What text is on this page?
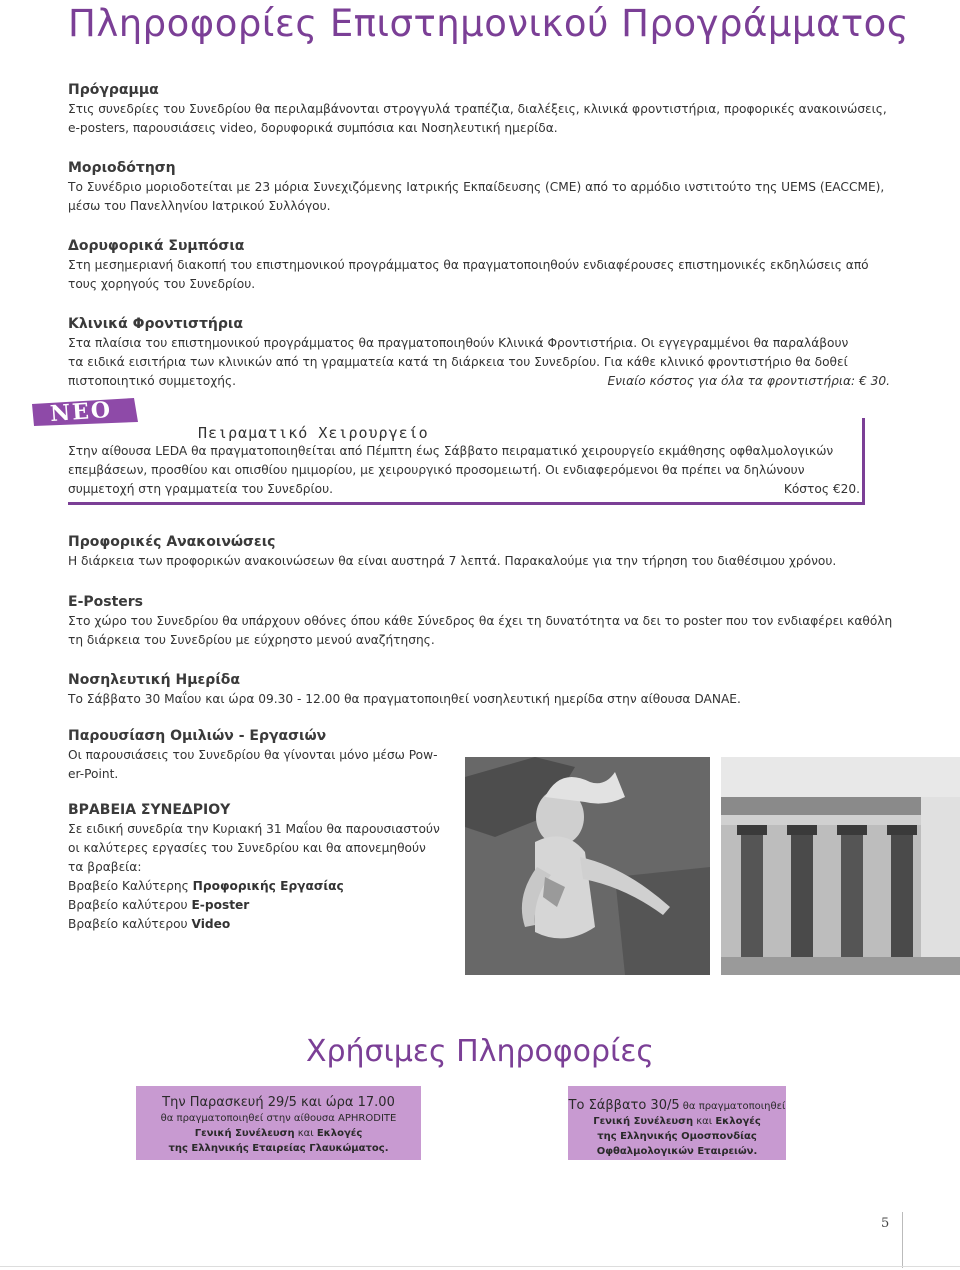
Πληροφορίες Επιστημονικού Προγράμματος

Πρόγραμμα

Στις συνεδρίες του Συνεδρίου θα περιλαμβάνονται στρογγυλά τραπέζια, διαλέξεις, κλινικά φροντιστήρια, προφορικές ανακοινώσεις,

e-posters, παρουσιάσεις video, δορυφορικά συμπόσια και Νοσηλευτική ημερίδα.

Μοριοδότηση

Το Συνέδριο μοριοδοτείται με 23 μόρια Συνεχιζόμενης Ιατρικής Εκπαίδευσης (CME) από το αρμόδιο ινστιτούτο της UEMS (EACCME),

μέσω του Πανελληνίου Ιατρικού Συλλόγου.

Δορυφορικά Συμπόσια

Στη μεσημεριανή διακοπή του επιστημονικού προγράμματος θα πραγματοποιηθούν ενδιαφέρουσες επιστημονικές εκδηλώσεις από

τους χορηγούς του Συνεδρίου.

Κλινικά Φροντιστήρια

Στα πλαίσια του επιστημονικού προγράμματος θα πραγματοποιηθούν Κλινικά Φροντιστήρια. Οι εγγεγραμμένοι θα παραλάβουν

τα ειδικά εισιτήρια των κλινικών από τη γραμματεία κατά τη διάρκεια του Συνεδρίου. Για κάθε κλινικό φροντιστήριο θα δοθεί

Ενιαίο κόστος για όλα τα φροντιστήρια: € 30.
πιστοποιητικό συμμετοχής.

ΝΕΟ
Πειραματικό Χειρουργείο

Στην αίθουσα LEDA θα πραγματοποιηθείται από Πέμπτη έως Σάββατο πειραματικό χειρουργείο εκμάθησης οφθαλμολογικών

επεμβάσεων, προσθίου και οπισθίου ημιμορίου, με χειρουργικό προσομειωτή. Οι ενδιαφερόμενοι θα πρέπει να δηλώνουν

Κόστος €20.
συμμετοχή στη γραμματεία του Συνεδρίου.

Προφορικές Ανακοινώσεις

Η διάρκεια των προφορικών ανακοινώσεων θα είναι αυστηρά 7 λεπτά. Παρακαλούμε για την τήρηση του διαθέσιμου χρόνου.

E-Posters

Στο χώρο του Συνεδρίου θα υπάρχουν οθόνες όπου κάθε Σύνεδρος θα έχει τη δυνατότητα να δει το poster που τον ενδιαφέρει καθόλη

τη διάρκεια του Συνεδρίου με εύχρηστο μενού αναζήτησης.

Νοσηλευτική Ημερίδα

Το Σάββατο 30 Μαΐου και ώρα 09.30 - 12.00 θα πραγματοποιηθεί νοσηλευτική ημερίδα στην αίθουσα DANAE.

Παρουσίαση Ομιλιών - Εργασιών

Οι παρουσιάσεις του Συνεδρίου θα γίνονται μόνο μέσω Pow-

er-Point.

ΒΡΑΒΕΙΑ ΣΥΝΕΔΡΙΟΥ

Σε ειδική συνεδρία την Κυριακή 31 Μαΐου θα παρουσιαστούν

οι καλύτερες εργασίες του Συνεδρίου και θα απονεμηθούν

τα βραβεία:

Βραβείο Καλύτερης Προφορικής Εργασίας

Βραβείο καλύτερου E-poster

Βραβείο καλύτερου Video

Χρήσιμες Πληροφορίες
Την Παρασκευή 29/5 και ώρα 17.00
θα πραγματοποιηθεί στην αίθουσα APHRODITE
Γενική Συνέλευση και Εκλογές
της Ελληνικής Εταιρείας Γλαυκώματος.
Το Σάββατο 30/5 θα πραγματοποιηθεί
Γενική Συνέλευση και Εκλογές
της Ελληνικής Ομοσπονδίας
Οφθαλμολογικών Εταιρειών.
5
